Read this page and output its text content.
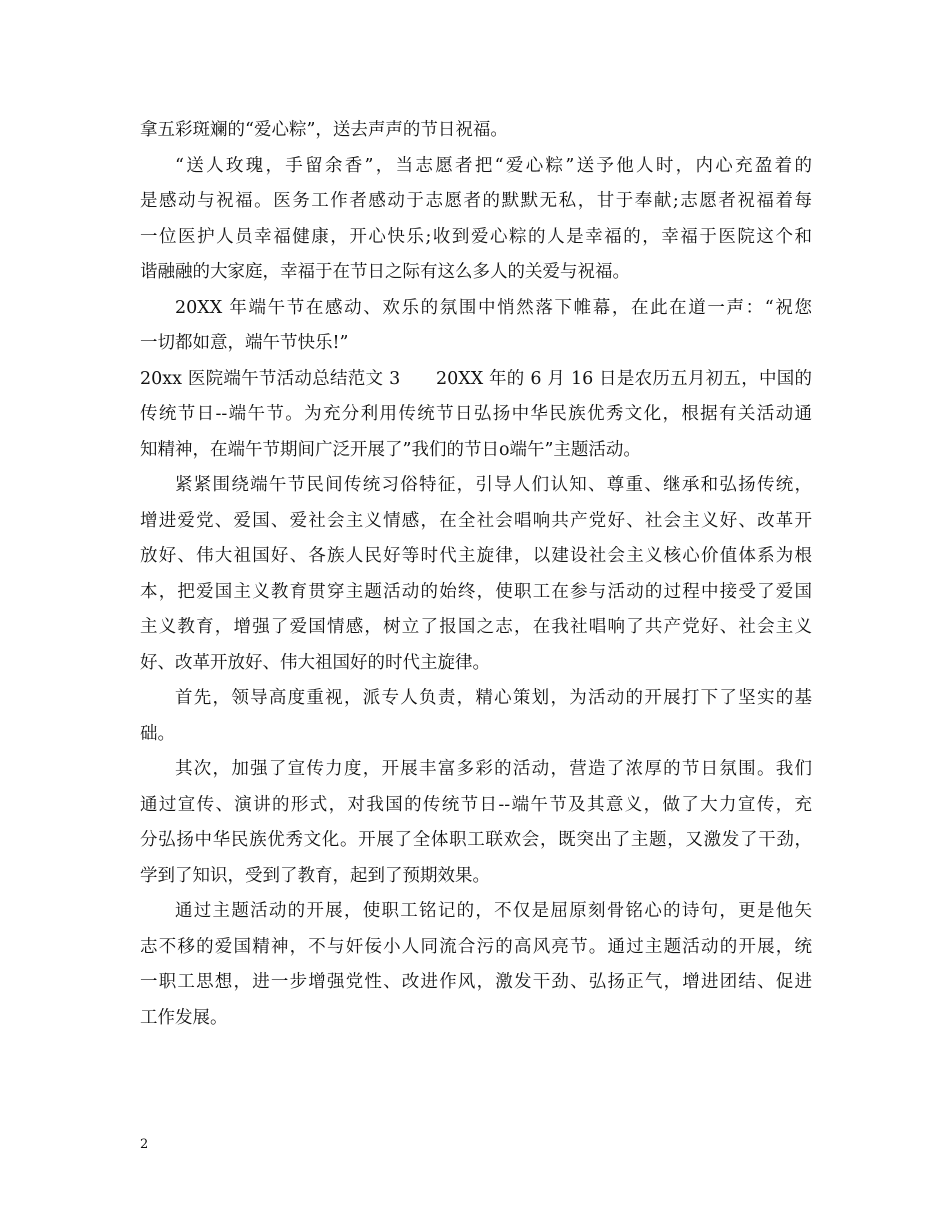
拿五彩斑斓的“爱心粽”，送去声声的节日祝福。
“送人玫瑰，手留余香”，当志愿者把“爱心粽”送予他人时，内心充盈着的
是感动与祝福。医务工作者感动于志愿者的默默无私，甘于奉献;志愿者祝福着每
一位医护人员幸福健康，开心快乐;收到爱心粽的人是幸福的，幸福于医院这个和
谐融融的大家庭，幸福于在节日之际有这么多人的关爱与祝福。
20XX 年端午节在感动、欢乐的氛围中悄然落下帷幕，在此在道一声：“祝您
一切都如意，端午节快乐!”
20xx 医院端午节活动总结范文 3　　20XX 年的 6 月 16 日是农历五月初五，中国的
传统节日--端午节。为充分利用传统节日弘扬中华民族优秀文化，根据有关活动通
知精神，在端午节期间广泛开展了”我们的节日ο端午”主题活动。
紧紧围绕端午节民间传统习俗特征，引导人们认知、尊重、继承和弘扬传统，
增进爱党、爱国、爱社会主义情感，在全社会唱响共产党好、社会主义好、改革开
放好、伟大祖国好、各族人民好等时代主旋律，以建设社会主义核心价值体系为根
本，把爱国主义教育贯穿主题活动的始终，使职工在参与活动的过程中接受了爱国
主义教育，增强了爱国情感，树立了报国之志，在我社唱响了共产党好、社会主义
好、改革开放好、伟大祖国好的时代主旋律。
首先，领导高度重视，派专人负责，精心策划，为活动的开展打下了坚实的基
础。
其次，加强了宣传力度，开展丰富多彩的活动，营造了浓厚的节日氛围。我们
通过宣传、演讲的形式，对我国的传统节日--端午节及其意义，做了大力宣传，充
分弘扬中华民族优秀文化。开展了全体职工联欢会，既突出了主题，又激发了干劲，
学到了知识，受到了教育，起到了预期效果。
通过主题活动的开展，使职工铭记的，不仅是屈原刻骨铭心的诗句，更是他矢
志不移的爱国精神，不与奸佞小人同流合污的高风亮节。通过主题活动的开展，统
一职工思想，进一步增强党性、改进作风，激发干劲、弘扬正气，增进团结、促进
工作发展。
2
